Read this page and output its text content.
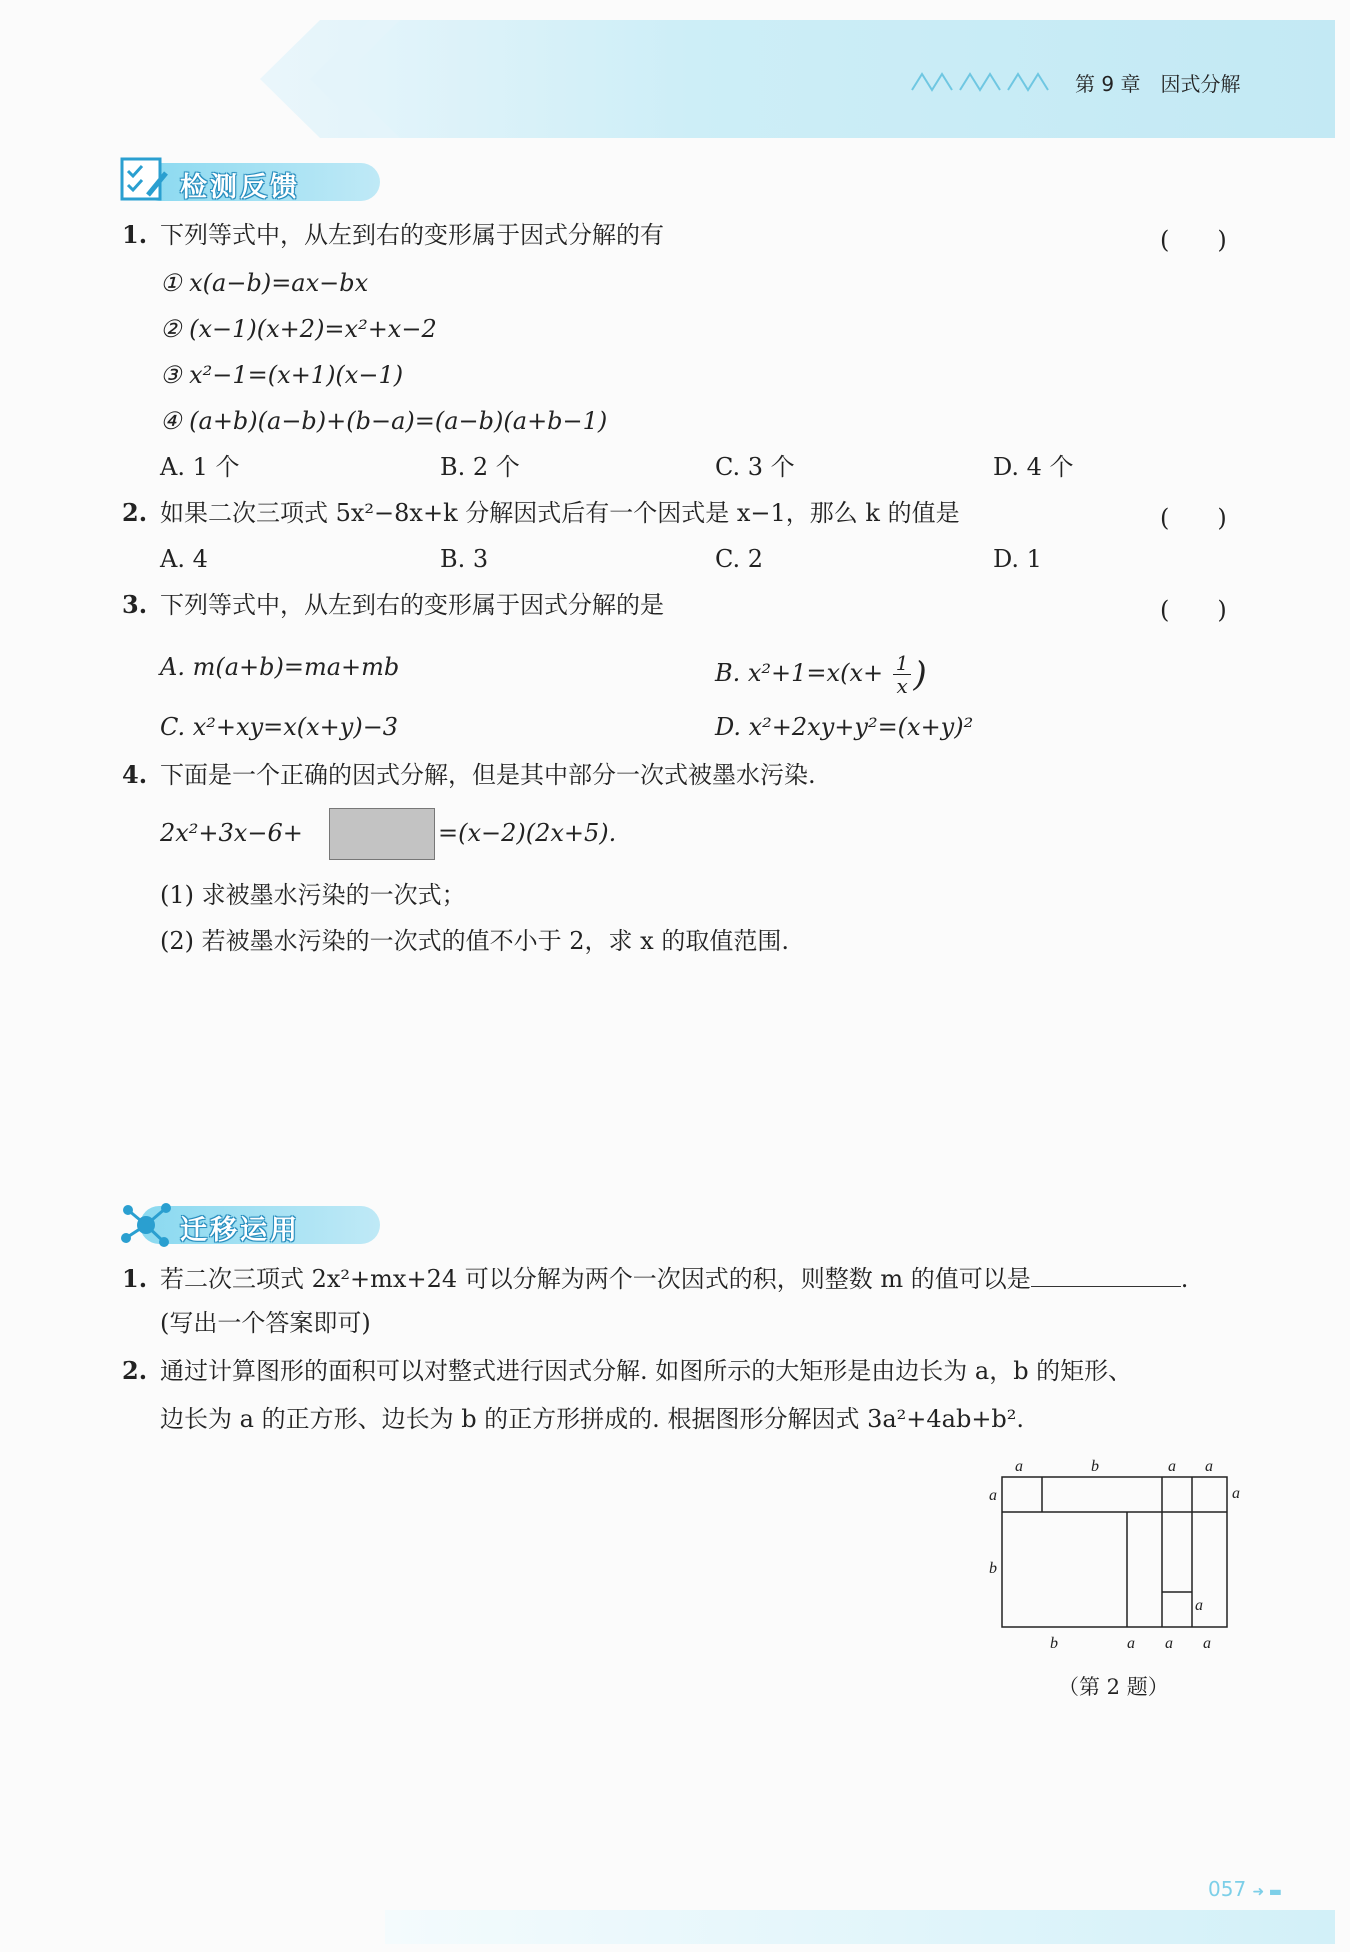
第 9 章　因式分解
检测反馈
1. 下列等式中，从左到右的变形属于因式分解的有	(　　)
① x(a−b)=ax−bx
② (x−1)(x+2)=x²+x−2
③ x²−1=(x+1)(x−1)
④ (a+b)(a−b)+(b−a)=(a−b)(a+b−1)
A. 1 个	B. 2 个	C. 3 个	D. 4 个
2. 如果二次三项式 5x²−8x+k 分解因式后有一个因式是 x−1，那么 k 的值是	(　　)
A. 4	B. 3	C. 2	D. 1
3. 下列等式中，从左到右的变形属于因式分解的是	(　　)
A. m(a+b)=ma+mb	B. $x^2+1=x(x+ \frac{1}{x}$ )
C. x²+xy=x(x+y)−3	D. x²+2xy+y²=(x+y)²
4. 下面是一个正确的因式分解，但是其中部分一次式被墨水污染.
2x²+3x−6+	=(x−2)(2x+5).
(1) 求被墨水污染的一次式；
(2) 若被墨水污染的一次式的值不小于 2，求 x 的取值范围.
迁移运用
1. 若二次三项式 2x²+mx+24 可以分解为两个一次因式的积，则整数 m 的值可以是	.
(写出一个答案即可)
2. 通过计算图形的面积可以对整式进行因式分解. 如图所示的大矩形是由边长为 a，b 的矩形、
边长为 a 的正方形、边长为 b 的正方形拼成的. 根据图形分解因式 3a²+4ab+b².
a	b	a a
a
b
a
a
b	a a a
（第 2 题）
057 ➜ ▬
